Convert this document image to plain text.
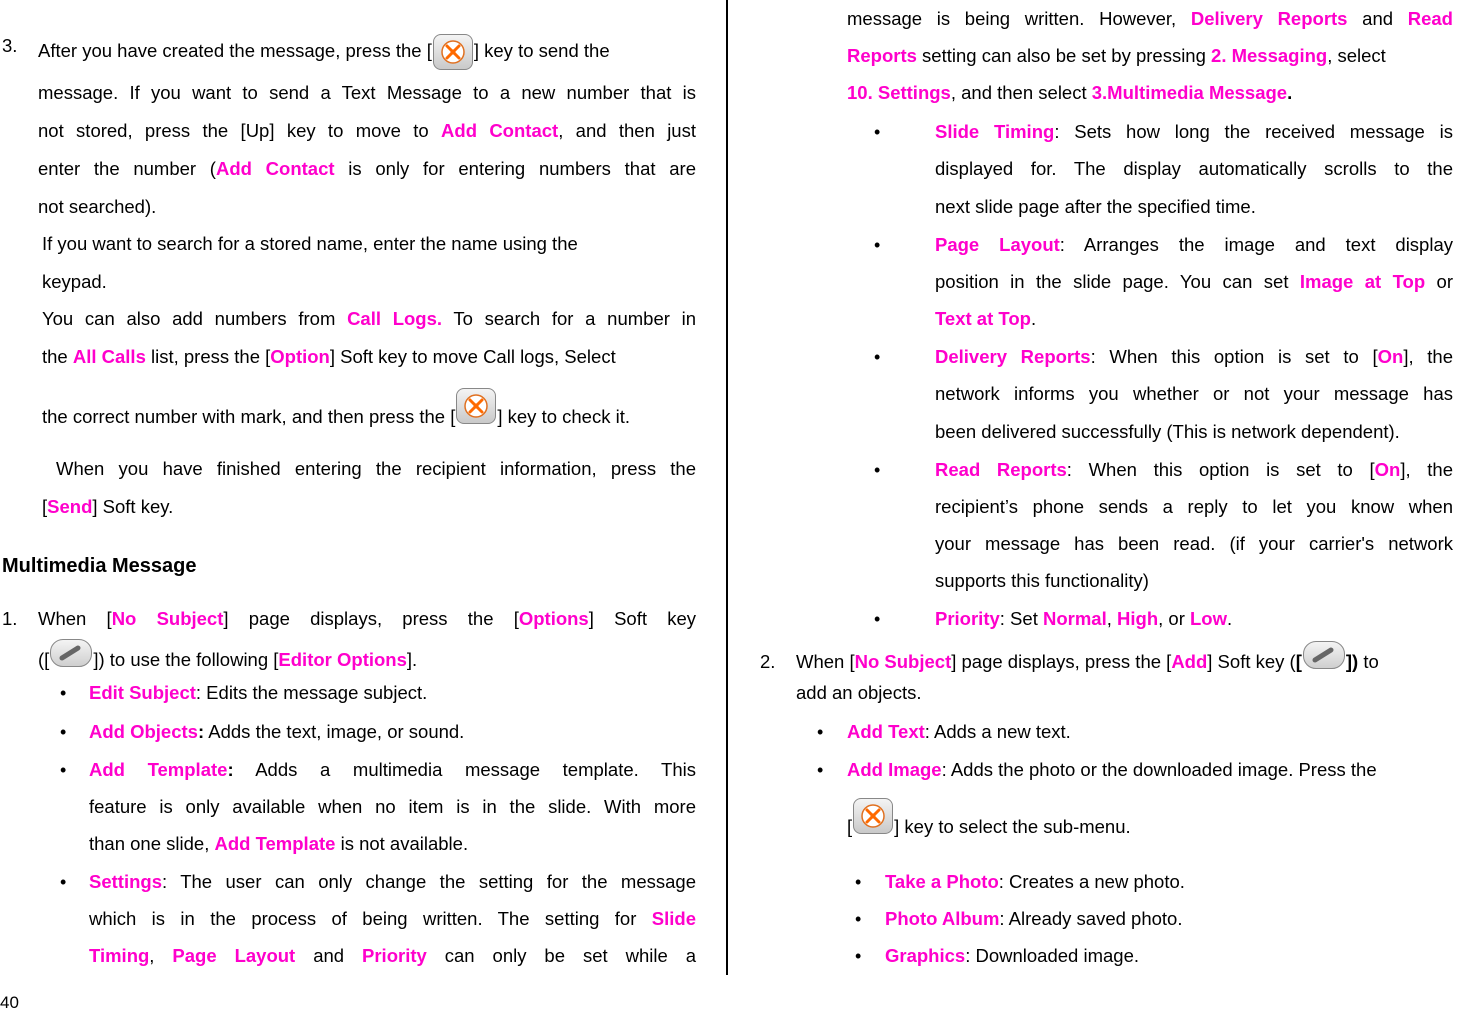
3. After you have created the message, press the [ ] key to send the
message. If you want to send a Text Message to a new number that is
not stored, press the [Up] key to move to Add Contact, and then just
enter the number (Add Contact is only for entering numbers that are
not searched).
If you want to search for a stored name, enter the name using the
keypad.
You can also add numbers from Call Logs. To search for a number in
the All Calls list, press the [Option] Soft key to move Call logs, Select
the correct number with mark, and then press the [ ] key to check it.
When you have finished entering the recipient information, press the
[Send] Soft key.
Multimedia Message
1. When [No Subject] page displays, press the [Options] Soft key
([ ]) to use the following [Editor Options].
• Edit Subject: Edits the message subject.
• Add Objects: Adds the text, image, or sound.
• Add Template: Adds a multimedia message template. This
feature is only available when no item is in the slide. With more
than one slide, Add Template is not available.
• Settings: The user can only change the setting for the message
which is in the process of being written. The setting for Slide
Timing, Page Layout and Priority can only be set while a
message is being written. However, Delivery Reports and Read
Reports setting can also be set by pressing 2. Messaging, select
10. Settings, and then select 3.Multimedia Message.
•	Slide Timing: Sets how long the received message is
displayed for. The display automatically scrolls to the
next slide page after the specified time.
•	Page Layout: Arranges the image and text display
position in the slide page. You can set Image at Top or
Text at Top.
•	Delivery Reports: When this option is set to [On], the
network informs you whether or not your message has
been delivered successfully (This is network dependent).
•	Read Reports: When this option is set to [On], the
recipient’s phone sends a reply to let you know when
your message has been read. (if your carrier's network
supports this functionality)
•	Priority: Set Normal, High, or Low.
2. When [No Subject] page displays, press the [Add] Soft key ([ ]) to
add an objects.
• Add Text: Adds a new text.
• Add Image: Adds the photo or the downloaded image. Press the
[ ] key to select the sub-menu.
• Take a Photo: Creates a new photo.
• Photo Album: Already saved photo.
• Graphics: Downloaded image.
40
